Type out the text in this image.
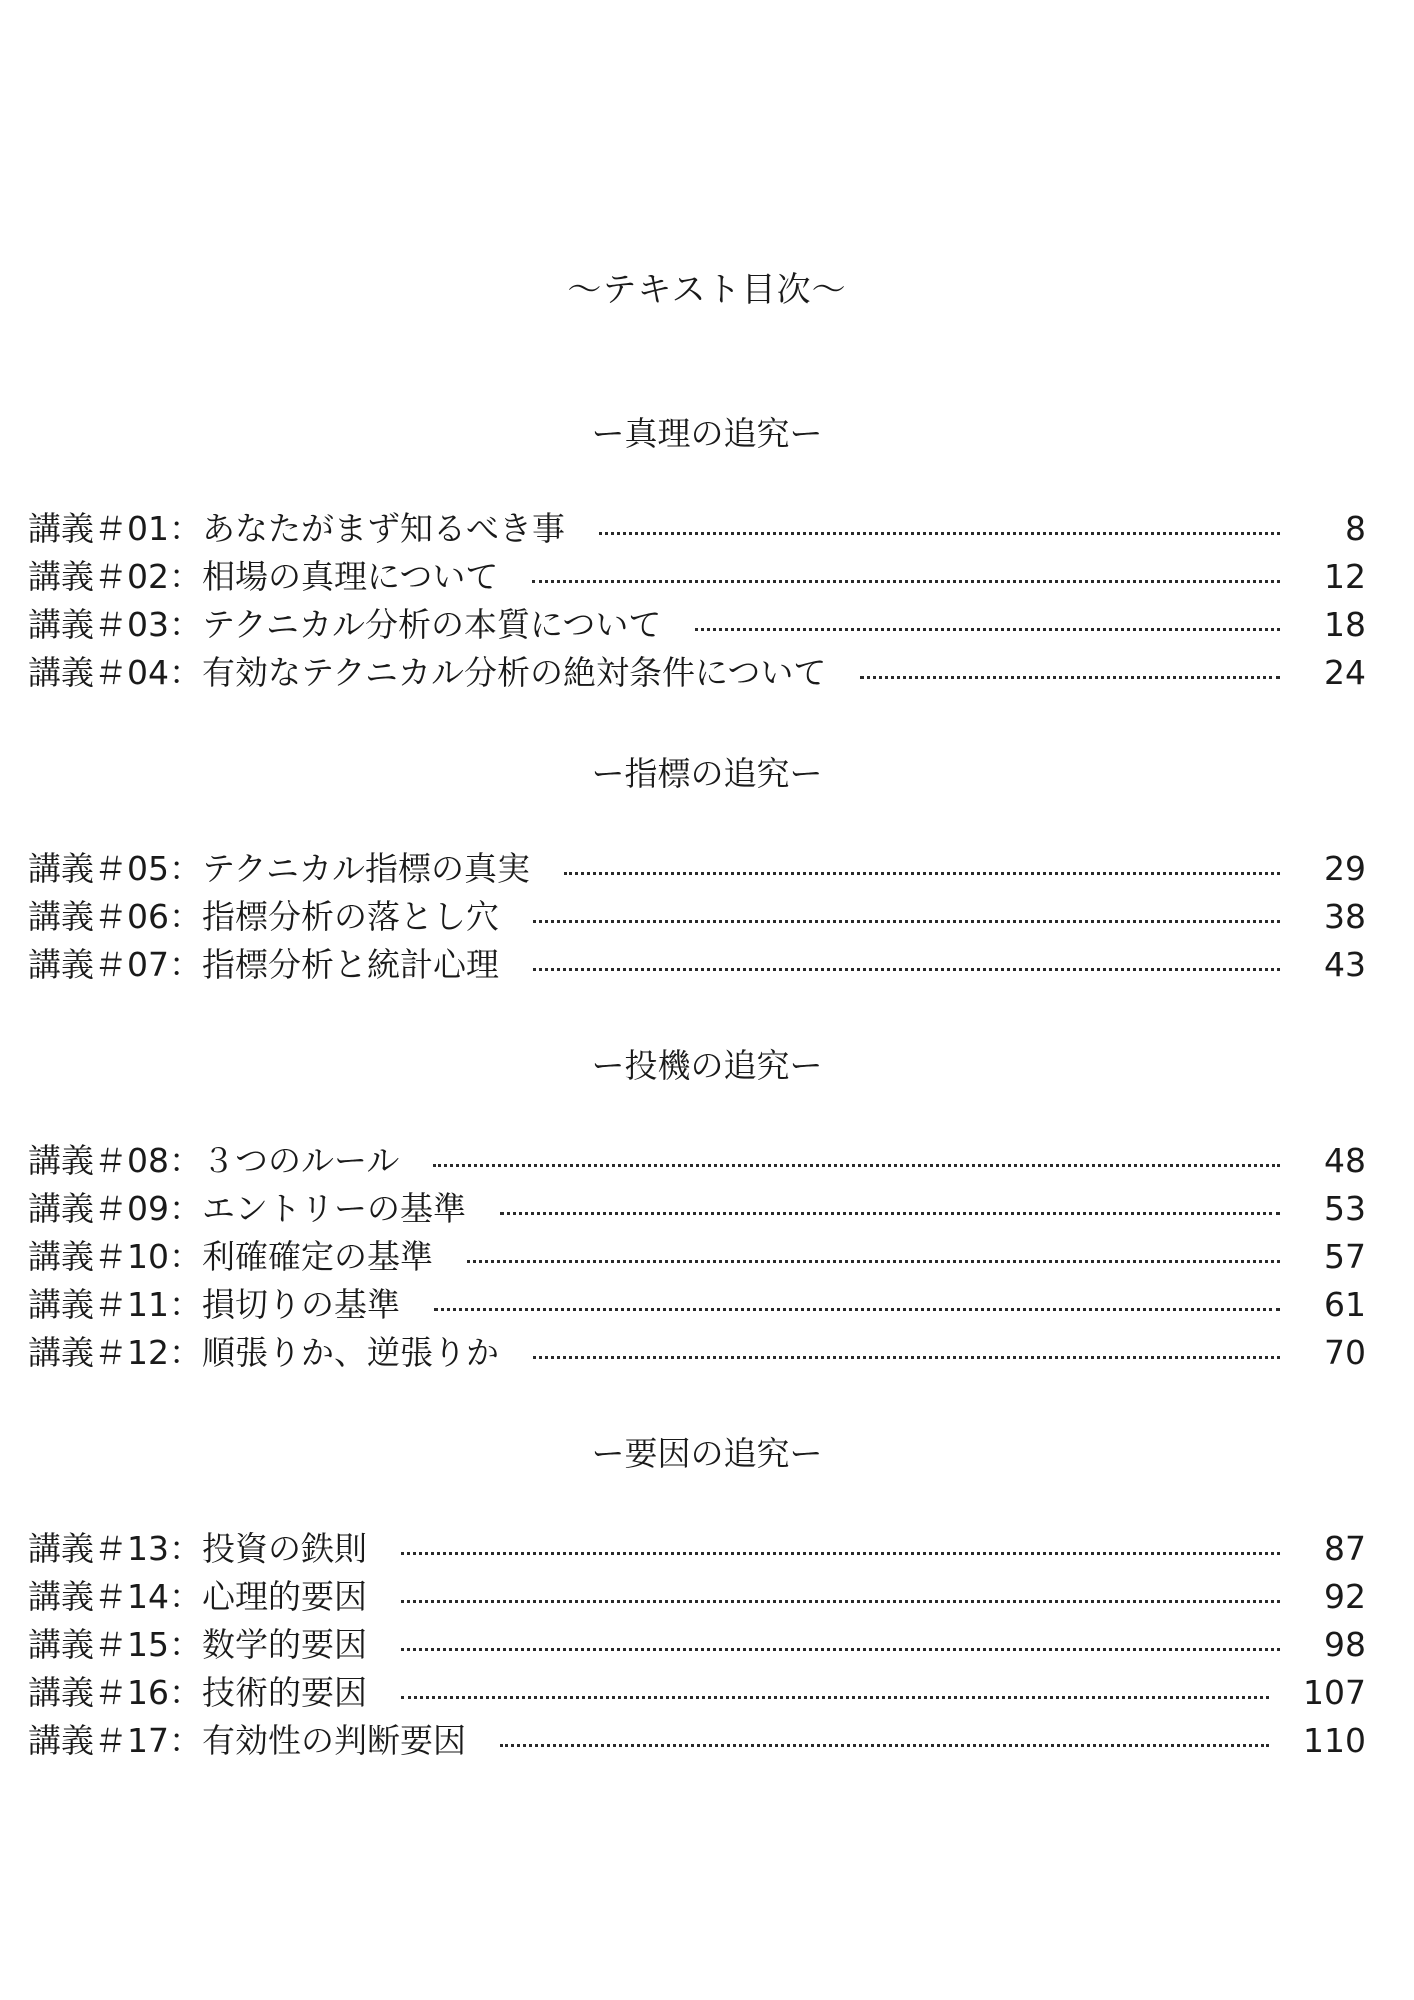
〜テキスト目次〜
ー真理の追究ー
講義＃01：あなたがまず知るべき事	8
講義＃02：相場の真理について	12
講義＃03：テクニカル分析の本質について	18
講義＃04：有効なテクニカル分析の絶対条件について	24
ー指標の追究ー
講義＃05：テクニカル指標の真実	29
講義＃06：指標分析の落とし穴	38
講義＃07：指標分析と統計心理	43
ー投機の追究ー
講義＃08：３つのルール	48
講義＃09：エントリーの基準	53
講義＃10：利確確定の基準	57
講義＃11：損切りの基準	61
講義＃12：順張りか、逆張りか	70
ー要因の追究ー
講義＃13：投資の鉄則	87
講義＃14：心理的要因	92
講義＃15：数学的要因	98
講義＃16：技術的要因	107
講義＃17：有効性の判断要因	110
